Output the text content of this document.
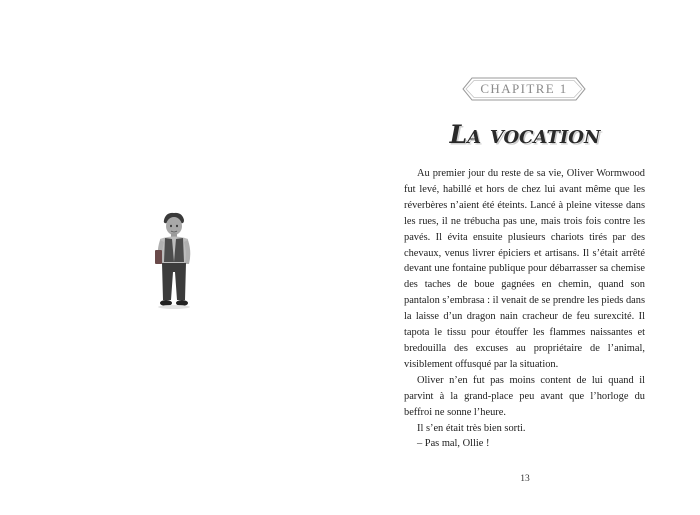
CHAPITRE 1
La vocation

Au premier jour du reste de sa vie, Oliver Wormwood fut levé, habillé et hors de chez lui avant même que les réverbères n’aient été éteints. Lancé à pleine vitesse dans les rues, il ne trébucha pas une, mais trois fois contre les pavés. Il évita ensuite plusieurs chariots tirés par des chevaux, venus livrer épiciers et artisans. Il s’était arrêté devant une fontaine publique pour débarrasser sa chemise des taches de boue gagnées en chemin, quand son pantalon s’embrasa : il venait de se prendre les pieds dans la laisse d’un dragon nain cracheur de feu surexcité. Il tapota le tissu pour étouffer les flammes naissantes et bredouilla des excuses au propriétaire de l’animal, visiblement offusqué par la situation.

Oliver n’en fut pas moins content de lui quand il parvint à la grand-place peu avant que l’horloge du beffroi ne sonne l’heure.

Il s’en était très bien sorti.

– Pas mal, Ollie !

13
